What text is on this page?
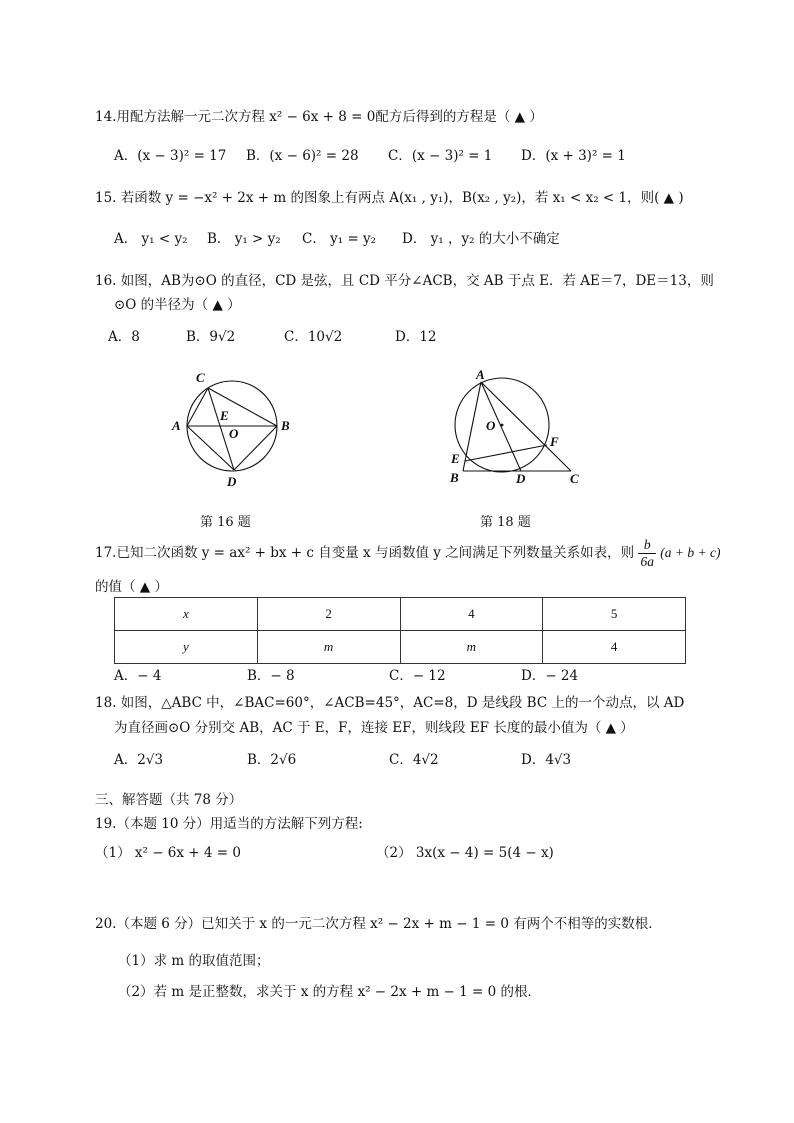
14.用配方法解一元二次方程 x² − 6x + 8 = 0配方后得到的方程是（ ▲ ）
A．(x − 3)² = 17 B．(x − 6)² = 28 C．(x − 3)² = 1 D．(x + 3)² = 1
15. 若函数 y = −x² + 2x + m 的图象上有两点 A(x₁ , y₁)，B(x₂ , y₂)，若 x₁ < x₂ < 1，则( ▲ )
A． y₁ < y₂ B． y₁ > y₂ C． y₁ = y₂ D． y₁ ，y₂ 的大小不确定
16. 如图，AB为⊙O 的直径，CD 是弦，且 CD 平分∠ACB，交 AB 于点 E．若 AE＝7，DE＝13，则
⊙O 的半径为（ ▲ ）
A．8	B．9√2	C．10√2	D．12
C
A	B
E
O
D
第 16 题
A
O
F
E
B	D	C
第 18 题
17.已知二次函数 y = ax² + bx + c 自变量 x 与函数值 y 之间满足下列数量关系如表，则 $\frac{b}{6a} (a + b + c)$
的值（ ▲ ）
x	2	4	5
y	m	m	4
A．− 4	B．− 8	C．− 12	D．− 24
18. 如图，△ABC 中，∠BAC=60°，∠ACB=45°，AC=8，D 是线段 BC 上的一个动点，以 AD
为直径画⊙O 分别交 AB，AC 于 E，F，连接 EF，则线段 EF 长度的最小值为（ ▲ ）
A．2√3	B．2√6	C．4√2	D．4√3
三、解答题（共 78 分）
19.（本题 10 分）用适当的方法解下列方程:
（1） x² − 6x + 4 = 0	（2） 3x(x − 4) = 5(4 − x)
20.（本题 6 分）已知关于 x 的一元二次方程 x² − 2x + m − 1 = 0 有两个不相等的实数根．
（1）求 m 的取值范围；
（2）若 m 是正整数，求关于 x 的方程 x² − 2x + m − 1 = 0 的根．
